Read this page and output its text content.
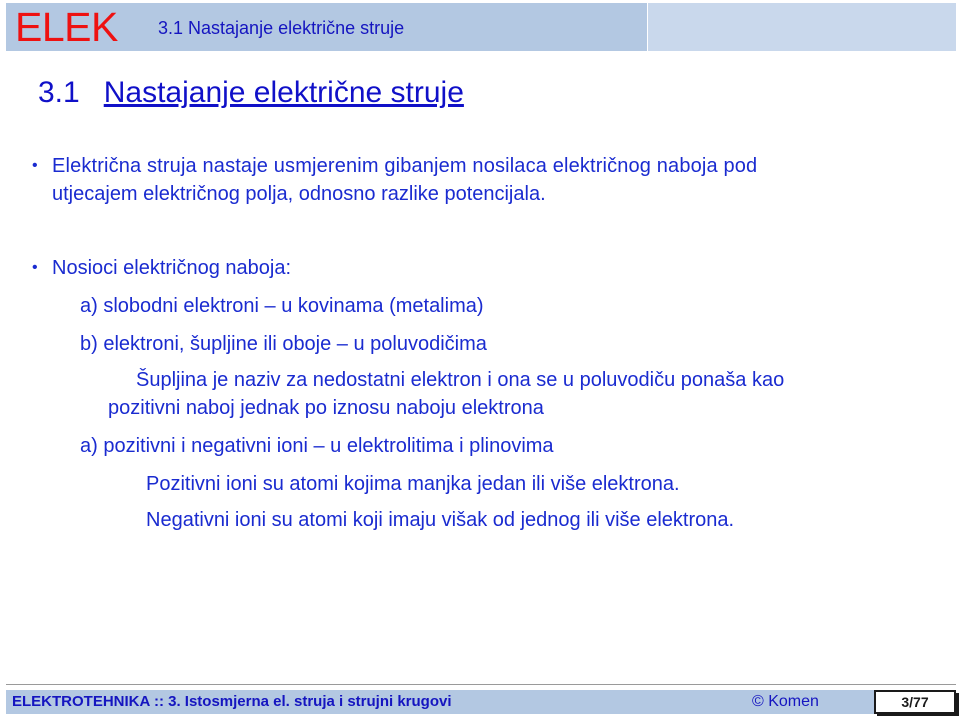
ELEK 3.1 Nastajanje električne struje
3.1 Nastajanje električne struje
• Električna struja nastaje usmjerenim gibanjem nosilaca električnog naboja pod
utjecajem električnog polja, odnosno razlike potencijala.
• Nosioci električnog naboja:
a) slobodni elektroni – u kovinama (metalima)
b) elektroni, šupljine ili oboje – u poluvodičima
Šupljina je naziv za nedostatni elektron i ona se u poluvodiču ponaša kao
pozitivni naboj jednak po iznosu naboju elektrona
a) pozitivni i negativni ioni – u elektrolitima i plinovima
Pozitivni ioni su atomi kojima manjka jedan ili više elektrona.
Negativni ioni su atomi koji imaju višak od jednog ili više elektrona.
ELEKTROTEHNIKA :: 3. Istosmjerna el. struja i strujni krugovi	© Komen	3/77
